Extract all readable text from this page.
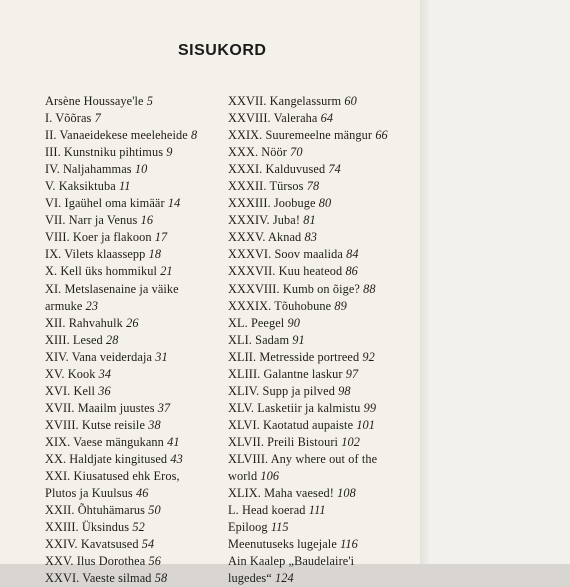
SISUKORD
Arsène Houssaye'le 5
I. Võõras 7
II. Vanaeidekese meeleheide 8
III. Kunstniku pihtimus 9
IV. Naljahammas 10
V. Kaksiktuba 11
VI. Igaühel oma kimäär 14
VII. Narr ja Venus 16
VIII. Koer ja flakoon 17
IX. Vilets klaassepp 18
X. Kell üks hommikul 21
XI. Metslasenaine ja väike
armuke 23
XII. Rahvahulk 26
XIII. Lesed 28
XIV. Vana veiderdaja 31
XV. Kook 34
XVI. Kell 36
XVII. Maailm juustes 37
XVIII. Kutse reisile 38
XIX. Vaese mängukann 41
XX. Haldjate kingitused 43
XXI. Kiusatused ehk Eros,
Plutos ja Kuulsus 46
XXII. Õhtuhämarus 50
XXIII. Üksindus 52
XXIV. Kavatsused 54
XXV. Ilus Dorothea 56
XXVI. Vaeste silmad 58
XXVII. Kangelassurm 60
XXVIII. Valeraha 64
XXIX. Suuremeelne mängur 66
XXX. Nöör 70
XXXI. Kalduvused 74
XXXII. Türsos 78
XXXIII. Joobuge 80
XXXIV. Juba! 81
XXXV. Aknad 83
XXXVI. Soov maalida 84
XXXVII. Kuu heateod 86
XXXVIII. Kumb on õige? 88
XXXIX. Tõuhobune 89
XL. Peegel 90
XLI. Sadam 91
XLII. Metresside portreed 92
XLIII. Galantne laskur 97
XLIV. Supp ja pilved 98
XLV. Lasketiir ja kalmistu 99
XLVI. Kaotatud aupaiste 101
XLVII. Preili Bistouri 102
XLVIII. Any where out of the
world 106
XLIX. Maha vaesed! 108
L. Head koerad 111
Epiloog 115
Meenutuseks lugejale 116
Ain Kaalep „Baudelaire'i
lugedes“ 124
